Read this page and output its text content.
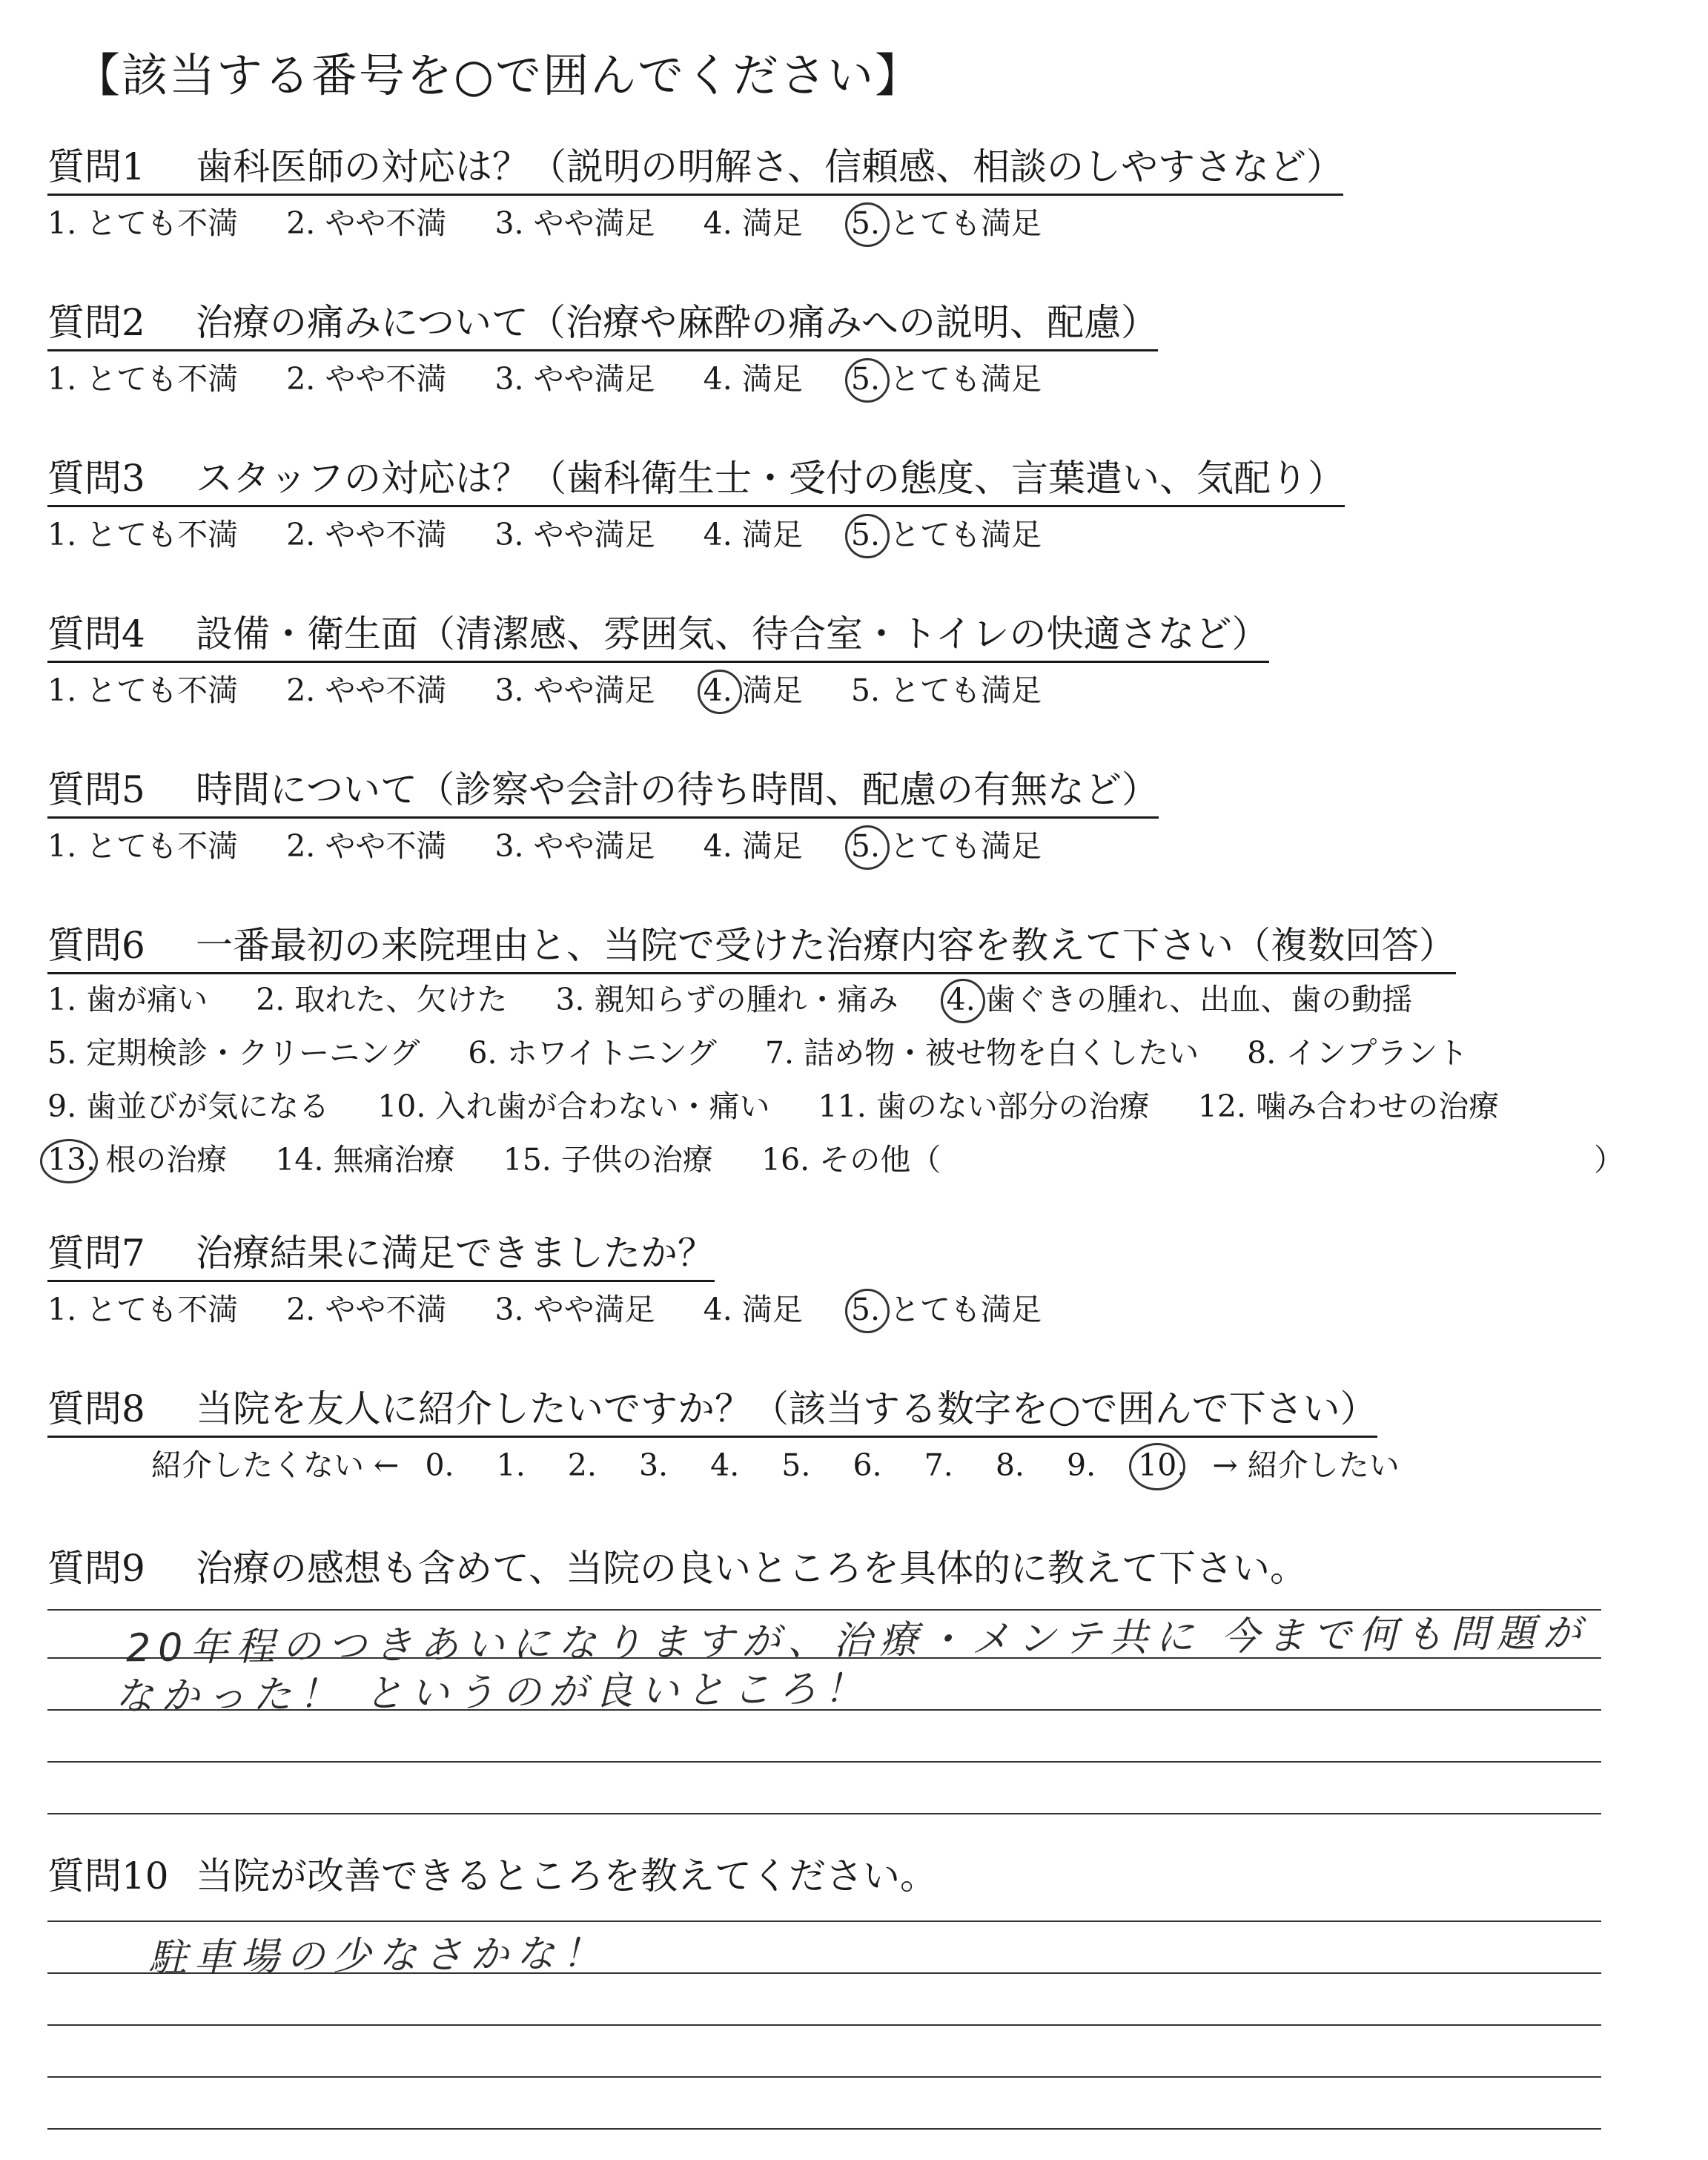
【該当する番号を○で囲んでください】
質問1 歯科医師の対応は？（説明の明解さ、信頼感、相談のしやすさなど）
1. とても不満 2. やや不満 3. やや満足 4. 満足 5. とても満足
質問2 治療の痛みについて（治療や麻酔の痛みへの説明、配慮）
1. とても不満 2. やや不満 3. やや満足 4. 満足 5. とても満足
質問3 スタッフの対応は？（歯科衛生士・受付の態度、言葉遣い、気配り）
1. とても不満 2. やや不満 3. やや満足 4. 満足 5. とても満足
質問4 設備・衛生面（清潔感、雰囲気、待合室・トイレの快適さなど）
1. とても不満 2. やや不満 3. やや満足 4. 満足 5. とても満足
質問5 時間について（診察や会計の待ち時間、配慮の有無など）
1. とても不満 2. やや不満 3. やや満足 4. 満足 5. とても満足
質問6 一番最初の来院理由と、当院で受けた治療内容を教えて下さい（複数回答）
1. 歯が痛い 2. 取れた、欠けた 3. 親知らずの腫れ・痛み 4. 歯ぐきの腫れ、出血、歯の動揺
5. 定期検診・クリーニング 6. ホワイトニング 7. 詰め物・被せ物を白くしたい 8. インプラント
9. 歯並びが気になる 10. 入れ歯が合わない・痛い 11. 歯のない部分の治療 12. 噛み合わせの治療
13. 根の治療 14. 無痛治療 15. 子供の治療 16. その他（	）
質問7 治療結果に満足できましたか？
1. とても不満 2. やや不満 3. やや満足 4. 満足 5. とても満足
質問8 当院を友人に紹介したいですか？（該当する数字を○で囲んで下さい）
紹介したくない ← 0. 1. 2. 3. 4. 5. 6. 7. 8. 9. 10. → 紹介したい
質問9 治療の感想も含めて、当院の良いところを具体的に教えて下さい。
20年程のつきあいになりますが、治療・メンテ共に 今まで何も問題が
なかった！ というのが良いところ！
質問10 当院が改善できるところを教えてください。
駐車場の少なさかな！
